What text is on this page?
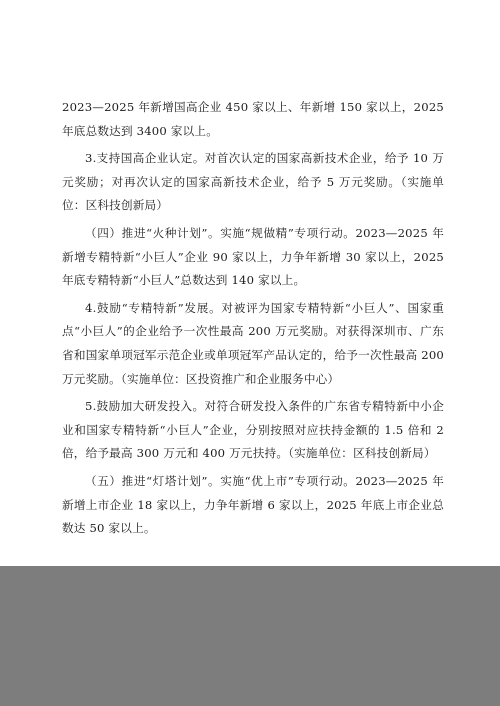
2023—2025 年新增国高企业 450 家以上、年新增 150 家以上，2025 年底总数达到 3400 家以上。

3.支持国高企业认定。对首次认定的国家高新技术企业，给予 10 万元奖励；对再次认定的国家高新技术企业，给予 5 万元奖励。（实施单位：区科技创新局）

（四）推进“火种计划”。实施“规做精”专项行动。2023—2025 年新增专精特新“小巨人”企业 90 家以上，力争年新增 30 家以上，2025 年底专精特新“小巨人”总数达到 140 家以上。

4.鼓励“专精特新”发展。对被评为国家专精特新“小巨人”、国家重点“小巨人”的企业给予一次性最高 200 万元奖励。对获得深圳市、广东省和国家单项冠军示范企业或单项冠军产品认定的，给予一次性最高 200 万元奖励。（实施单位：区投资推广和企业服务中心）

5.鼓励加大研发投入。对符合研发投入条件的广东省专精特新中小企业和国家专精特新“小巨人”企业，分别按照对应扶持金额的 1.5 倍和 2 倍，给予最高 300 万元和 400 万元扶持。（实施单位：区科技创新局）

（五）推进“灯塔计划”。实施“优上市”专项行动。2023—2025 年新增上市企业 18 家以上，力争年新增 6 家以上，2025 年底上市企业总数达 50 家以上。
